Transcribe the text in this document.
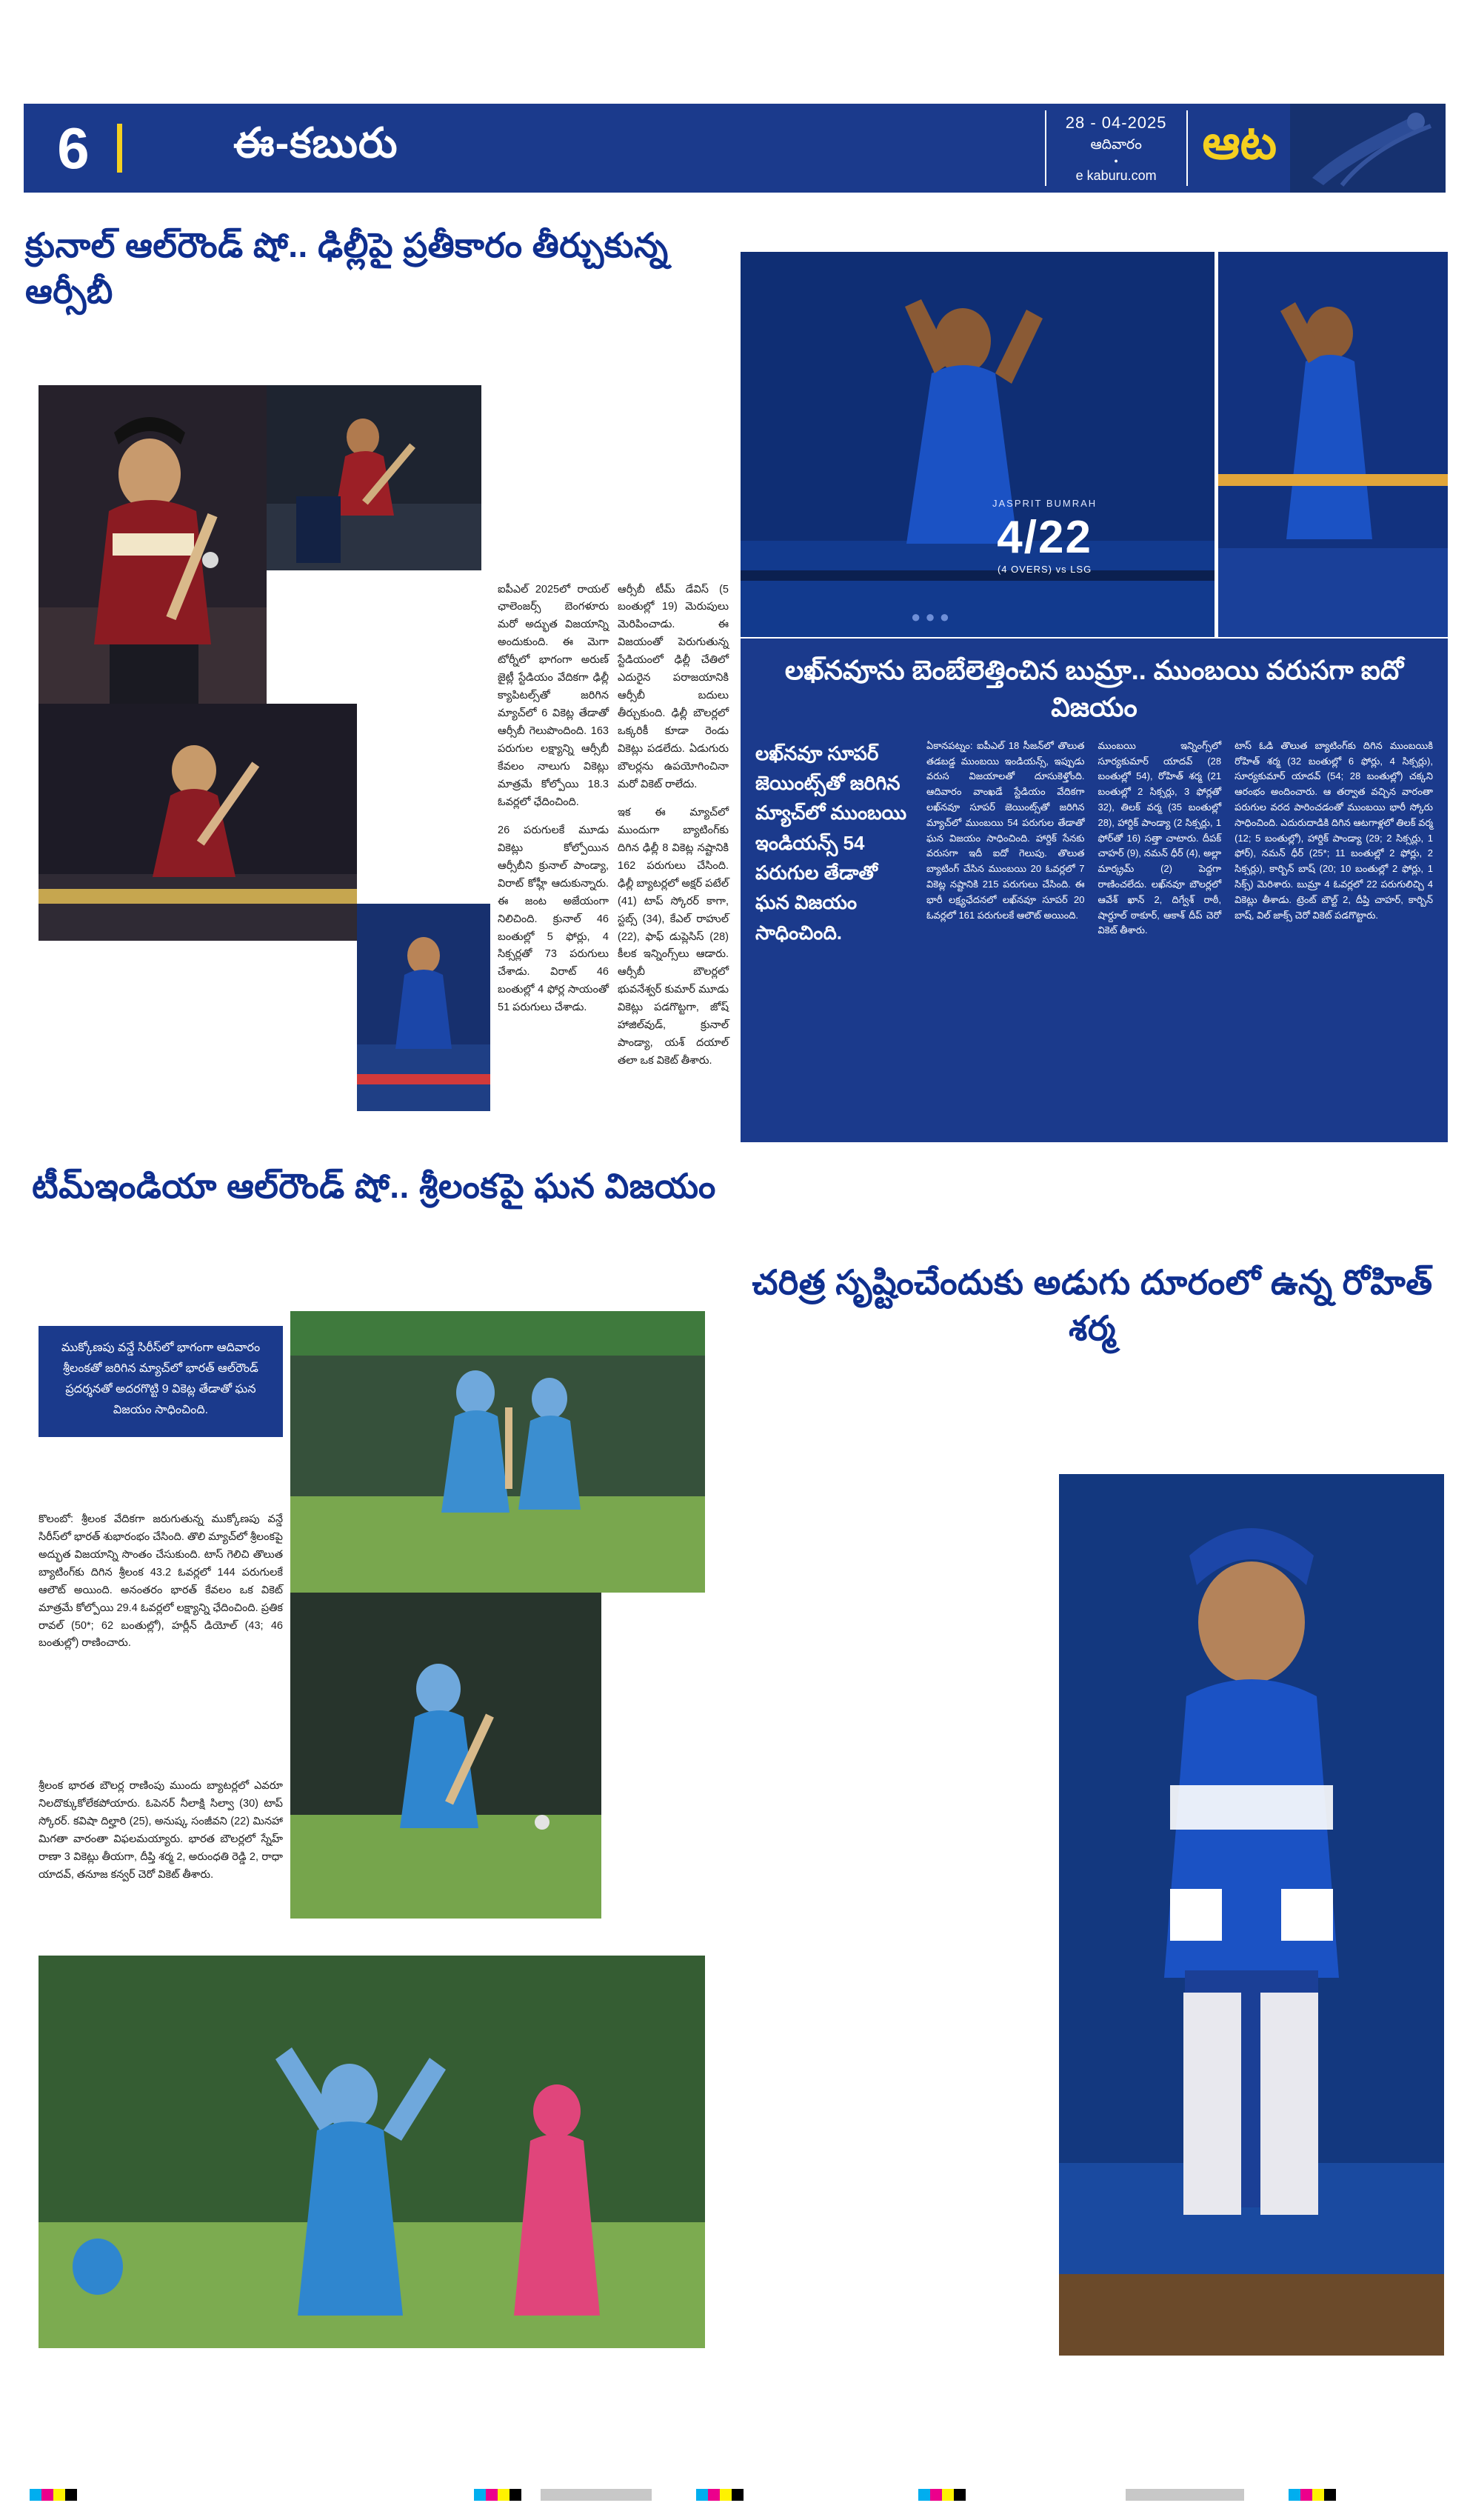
6	ఈ-కబురు	28 - 04-2025
ఆదివారం
●
e kaburu.com
ఆట
క్రునాల్ ఆల్‌రౌండ్ షో.. ఢిల్లీపై ప్రతీకారం తీర్చుకున్న ఆర్సీబీ

ఐపీఎల్ 2025లో రాయల్ ఛాలెంజర్స్ బెంగళూరు మరో అద్భుత విజయాన్ని అందుకుంది. ఈ మెగా టోర్నీలో భాగంగా అరుణ్ జైట్లీ స్టేడియం వేదికగా ఢిల్లీ క్యాపిటల్స్‌తో జరిగిన మ్యాచ్‌లో 6 వికెట్ల తేడాతో ఆర్సీబీ గెలుపొందింది. 163 పరుగుల లక్ష్యాన్ని ఆర్సీబీ కేవలం నాలుగు వికెట్లు మాత్రమే కోల్పోయి 18.3 ఓవర్లలో ఛేదించింది.

26 పరుగులకే మూడు వికెట్లు కోల్పోయిన ఆర్సీబీని క్రునాల్ పాండ్యా, విరాట్ కోహ్లీ ఆదుకున్నారు. ఈ జంట అజేయంగా నిలిచింది. క్రునాల్ 46 బంతుల్లో 5 ఫోర్లు, 4 సిక్సర్లతో 73 పరుగులు చేశాడు. విరాట్ 46 బంతుల్లో 4 ఫోర్ల సాయంతో 51 పరుగులు చేశాడు.

ఆర్సీబీ టీమ్ డేవిస్ (5 బంతుల్లో 19) మెరుపులు మెరిపించాడు. ఈ విజయంతో పెరుగుతున్న స్టేడియంలో ఢిల్లీ చేతిలో ఎదురైన పరాజయానికి ఆర్సీబీ బదులు తీర్చుకుంది. ఢిల్లీ బౌలర్లలో ఒక్కరికీ కూడా రెండు వికెట్లు పడలేదు. ఏడుగురు బౌలర్లను ఉపయోగించినా మరో వికెట్ రాలేదు.

ఇక ఈ మ్యాచ్‌లో ముందుగా బ్యాటింగ్‌కు దిగిన ఢిల్లీ 8 వికెట్ల నష్టానికి 162 పరుగులు చేసింది. ఢిల్లీ బ్యాటర్లలో అక్షర్ పటేల్ (41) టాప్ స్కోరర్ కాగా, స్టబ్స్ (34), కేఎల్ రాహుల్ (22), ఫాఫ్ డుప్లెసిస్ (28) కీలక ఇన్నింగ్స్‌లు ఆడారు. ఆర్సీబీ బౌలర్లలో భువనేశ్వర్ కుమార్ మూడు వికెట్లు పడగొట్టగా, జోష్ హాజిల్‌వుడ్, క్రునాల్ పాండ్యా, యశ్ దయాల్ తలా ఒక వికెట్ తీశారు.

● ● ●
JASPRIT BUMRAH
4/22
(4 OVERS) vs LSG
లఖ్‌నవూను బెంబేలెత్తించిన బుమ్రా.. ముంబయి వరుసగా ఐదో విజయం
లఖ్‌నవూ సూపర్ జెయింట్స్‌తో జరిగిన మ్యాచ్‌లో ముంబయి ఇండియన్స్ 54 పరుగుల తేడాతో ఘన విజయం సాధించింది.
ఏకానపట్నం: ఐపీఎల్ 18 సీజన్‌లో తొలుత తడబడ్డ ముంబయి ఇండియన్స్, ఇప్పుడు వరుస విజయాలతో దూసుకెళ్తోంది. ఆదివారం వాంఖడే స్టేడియం వేదికగా లఖ్‌నవూ సూపర్ జెయింట్స్‌తో జరిగిన మ్యాచ్‌లో ముంబయి 54 పరుగుల తేడాతో ఘన విజయం సాధించింది. హార్దిక్ సేనకు వరుసగా ఇదీ ఐదో గెలుపు. తొలుత బ్యాటింగ్ చేసిన ముంబయి 20 ఓవర్లలో 7 వికెట్ల నష్టానికి 215 పరుగులు చేసింది. ఈ భారీ లక్ష్యఛేదనలో లఖ్‌నవూ సూపర్ 20 ఓవర్లలో 161 పరుగులకే ఆలౌట్ అయింది.
ముంబయి ఇన్నింగ్స్‌లో సూర్యకుమార్ యాదవ్ (28 బంతుల్లో 54), రోహిత్ శర్మ (21 బంతుల్లో 2 సిక్సర్లు, 3 ఫోర్లతో 32), తిలక్ వర్మ (35 బంతుల్లో 28), హార్దిక్ పాండ్యా (2 సిక్సర్లు, 1 ఫోర్‌తో 16) సత్తా చాటారు. దీపక్ చాహర్ (9), నమన్ ధీర్ (4), అల్లా మార్క్రమ్ (2) పెద్దగా రాణించలేదు. లఖ్‌నవూ బౌలర్లలో ఆవేశ్ ఖాన్ 2, దిగ్వేశ్ రాఠీ, షార్దూల్ ఠాకూర్, ఆకాశ్ దీప్ చెరో వికెట్ తీశారు.
టాస్ ఓడి తొలుత బ్యాటింగ్‌కు దిగిన ముంబయికి రోహిత్ శర్మ (32 బంతుల్లో 6 ఫోర్లు, 4 సిక్సర్లు), సూర్యకుమార్ యాదవ్ (54; 28 బంతుల్లో) చక్కని ఆరంభం అందించారు. ఆ తర్వాత వచ్చిన వారంతా పరుగుల వరద పారించడంతో ముంబయి భారీ స్కోరు సాధించింది. ఎదురుదాడికి దిగిన ఆటగాళ్లలో తిలక్ వర్మ (12; 5 బంతుల్లో), హార్దిక్ పాండ్యా (29; 2 సిక్సర్లు, 1 ఫోర్), నమన్ ధీర్ (25*; 11 బంతుల్లో 2 ఫోర్లు, 2 సిక్సర్లు), కార్బిన్ బాష్ (20; 10 బంతుల్లో 2 ఫోర్లు, 1 సిక్స్) మెరిశారు. బుమ్రా 4 ఓవర్లలో 22 పరుగులిచ్చి 4 వికెట్లు తీశాడు. ట్రెంట్ బౌల్ట్ 2, దీప్తి చాహర్, కార్బిన్ బాష్, విల్ జాక్స్ చెరో వికెట్ పడగొట్టారు.
టీమ్‌ఇండియా ఆల్‌రౌండ్ షో.. శ్రీలంకపై ఘన విజయం
ముక్కోణపు వన్డే సిరీస్‌లో భాగంగా ఆదివారం శ్రీలంకతో జరిగిన మ్యాచ్‌లో భారత్ ఆల్‌రౌండ్ ప్రదర్శనతో అదరగొట్టి 9 వికెట్ల తేడాతో ఘన విజయం సాధించింది.
కొలంబో: శ్రీలంక వేదికగా జరుగుతున్న ముక్కోణపు వన్డే సిరీస్‌లో భారత్ శుభారంభం చేసింది. తొలి మ్యాచ్‌లో శ్రీలంకపై అద్భుత విజయాన్ని సొంతం చేసుకుంది. టాస్ గెలిచి తొలుత బ్యాటింగ్‌కు దిగిన శ్రీలంక 43.2 ఓవర్లలో 144 పరుగులకే ఆలౌట్ అయింది. అనంతరం భారత్ కేవలం ఒక వికెట్ మాత్రమే కోల్పోయి 29.4 ఓవర్లలో లక్ష్యాన్ని ఛేదించింది. ప్రతిక రావల్ (50*; 62 బంతుల్లో), హర్లీన్ డియోల్ (43; 46 బంతుల్లో) రాణించారు.
శ్రీలంక భారత బౌలర్ల రాణింపు ముందు బ్యాటర్లలో ఎవరూ నిలదొక్కుకోలేకపోయారు. ఓపెనర్ నీలాక్షి సిల్వా (30) టాప్ స్కోరర్. కవిషా దిల్హారి (25), అనుష్క సంజీవని (22) మినహా మిగతా వారంతా విఫలమయ్యారు. భారత బౌలర్లలో స్నేహ్ రాణా 3 వికెట్లు తీయగా, దీప్తి శర్మ 2, అరుంధతి రెడ్డి 2, రాధా యాదవ్, తనూజ కన్వర్ చెరో వికెట్ తీశారు.
చరిత్ర సృష్టించేందుకు అడుగు దూరంలో ఉన్న రోహిత్ శర్మ

ముంబై ఇండియన్స్, టీమ్ ఇండియా స్టార్ ఓపెనర్ రోహిత్ శర్మ ఒక ఘనత అందుకునేందుకు అడుగు దూరంలో ఉన్నాడు. ఐపీఎల్ 2025లో ఆదివారం లఖ్‌నవూతో జరిగిన మ్యాచ్‌లో 21 బంతుల్లో 32 పరుగులు చేసిన రోహిత్ తన ఐపీఎల్ కెరీర్‌లో 300 సిక్సర్లకు చేరువయ్యాడు. ప్రస్తుతం 295 సిక్సర్లతో ఉన్నాడు.

ఇప్పటివరకు ఐపీఎల్ చరిత్రలో 295 సిక్సర్లు (265 మ్యాచ్‌లు) బాదిన రోహిత్ మరో 5 సిక్సర్లు బాదితే 300 సిక్సర్ల మైలురాయిని అందుకుంటాడు. ఐపీఎల్‌లో ఇప్పటివరకు క్రిస్ గేల్ (357), ఏబీ డివిలియర్స్ (251), ఎంఎస్ ధోని (239), విరాట్ కోహ్లీ (284), డేవిడ్ వార్నర్ (236) వంటి ఆటగాళ్లు అత్యధిక సిక్సర్లు బాదారు.

ఐపీఎల్ అత్యధిక సిక్సర్లు బాదిన టాప్ బ్యాటర్లు: క్రిస్ గేల్ 357, రోహిత్ శర్మ 295, విరాట్ కోహ్లీ 284, ఎంఎస్ ధోని 260, ఏబీ డివిలియర్స్ 251

ఓవరాల్‌గా టీ20 క్రికెట్‌లో అత్యధిక సిక్సర్ల జాబితాలో క్రిస్ గేల్ 1056 సిక్సర్లతో అగ్రస్థానంలో ఉన్నాడు. గేల్ ఈ ఫార్మాట్‌లో 1056 సిక్సర్లు బాదాడు. ప్రపంచంలో గేల్ మినహా ఏ క్రికెటర్ కూడా 1000 సిక్సర్ల మార్కును చేరలేదు. రోహిత్ శర్మ ఈ జాబితాలో 500కి పైగా సిక్సర్లతో ఉన్నాడు.

గేల్ 1056, కీరన్ పోలార్డ్ 908, ఆండ్రీ రసెల్ 737, నికోలస్ పూరన్ 630, కాలిన్ మున్రో 557, ఆరోన్ ఫించ్ 552, రోహిత్ శర్మ 540, షేన్ వాట్సన్ 530, జోస్ బట్లర్ 528, డేవిడ్ మిల్లర్ 505

టీ20 క్రికెట్‌లో 737 సిక్సర్లతో ఆండ్రీ రసెల్ (630) ఆపై ఉన్నారు. పోలార్డ్ 908 సిక్సర్లు బాది రెండో స్థానంలో ఉన్నాడు.

ఐపీఎల్ జట్టుగా ముంబయి ఇండియన్స్, ఆర్సీబీ, చెన్నై సూపర్ కింగ్స్ అత్యధిక సిక్సర్లు బాదిన జట్లుగా ఉన్నాయి. ఈ సీజన్‌లో ఇప్పటివరకు గుజరాత్ (12), ఢిల్లీ (12), ఆర్సీబీ (12), పంజాబ్ (11) జట్లు ముందంజలో ఉన్నాయి.
